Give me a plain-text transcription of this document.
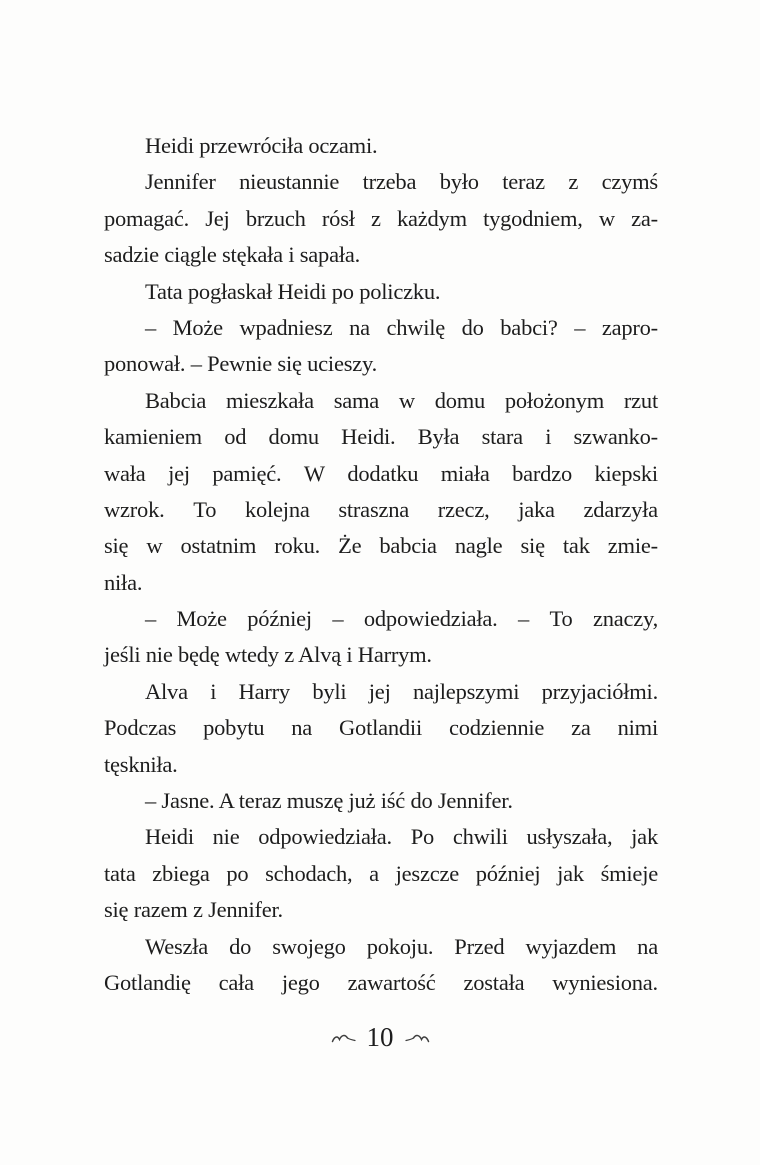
Heidi przewróciła oczami.
Jennifer nieustannie trzeba było teraz z czymś
pomagać. Jej brzuch rósł z każdym tygodniem, w za-
sadzie ciągle stękała i sapała.
Tata pogłaskał Heidi po policzku.
– Może wpadniesz na chwilę do babci? – zapro-
ponował. – Pewnie się ucieszy.
Babcia mieszkała sama w domu położonym rzut
kamieniem od domu Heidi. Była stara i szwanko-
wała jej pamięć. W dodatku miała bardzo kiepski
wzrok. To kolejna straszna rzecz, jaka zdarzyła
się w ostatnim roku. Że babcia nagle się tak zmie-
niła.
– Może później – odpowiedziała. – To znaczy,
jeśli nie będę wtedy z Alvą i Harrym.
Alva i Harry byli jej najlepszymi przyjaciółmi.
Podczas pobytu na Gotlandii codziennie za nimi
tęskniła.
– Jasne. A teraz muszę już iść do Jennifer.
Heidi nie odpowiedziała. Po chwili usłyszała, jak
tata zbiega po schodach, a jeszcze później jak śmieje
się razem z Jennifer.
Weszła do swojego pokoju. Przed wyjazdem na
Gotlandię cała jego zawartość została wyniesiona.
10
